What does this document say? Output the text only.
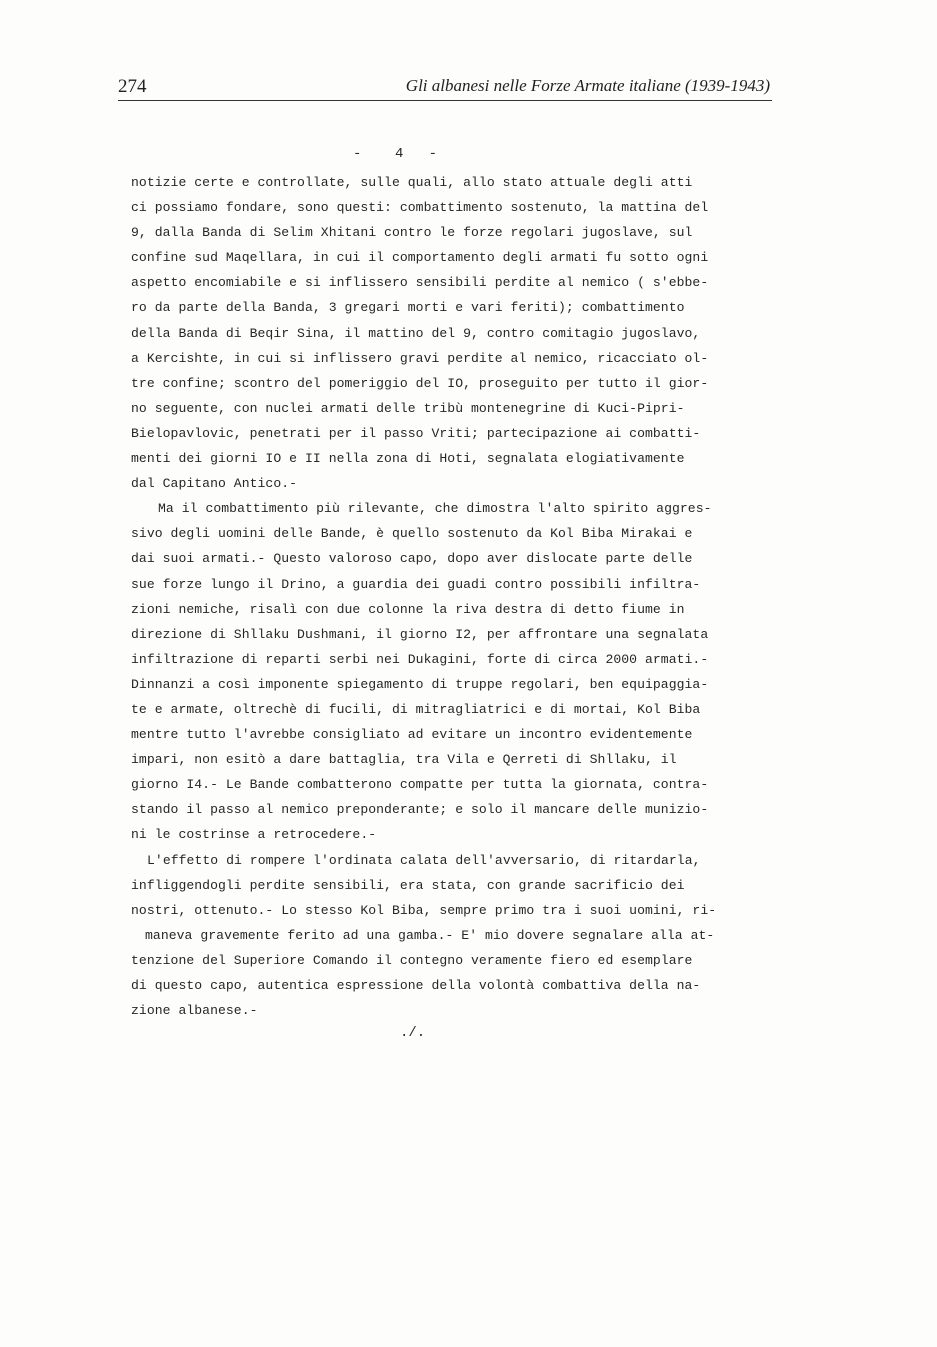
274	Gli albanesi nelle Forze Armate italiane (1939-1943)
-    4   -
notizie certe e controllate, sulle quali, allo stato attuale degli atti
ci possiamo fondare, sono questi: combattimento sostenuto, la mattina del
9, dalla Banda di Selim Xhitani contro le forze regolari jugoslave, sul
confine sud Maqellara, in cui il comportamento degli armati fu sotto ogni
aspetto encomiabile e si inflissero sensibili perdite al nemico ( s'ebbe-
ro da parte della Banda, 3 gregari morti e vari feriti); combattimento
della Banda di Beqir Sina, il mattino del 9, contro comitagio jugoslavo,
a Kercishte, in cui si inflissero gravi perdite al nemico, ricacciato ol-
tre confine; scontro del pomeriggio del IO, proseguito per tutto il gior-
no seguente, con nuclei armati delle tribù montenegrine di Kuci-Pipri-
Bielopavlovic, penetrati per il passo Vriti; partecipazione ai combatti-
menti dei giorni IO e II nella zona di Hoti, segnalata elogiativamente
dal Capitano Antico.-
Ma il combattimento più rilevante, che dimostra l'alto spirito aggres-
sivo degli uomini delle Bande, è quello sostenuto da Kol Biba Mirakai e
dai suoi armati.- Questo valoroso capo, dopo aver dislocate parte delle
sue forze lungo il Drino, a guardia dei guadi contro possibili infiltra-
zioni nemiche, risalì con due colonne la riva destra di detto fiume in
direzione di Shllaku Dushmani, il giorno I2, per affrontare una segnalata
infiltrazione di reparti serbi nei Dukagini, forte di circa 2000 armati.-
Dinnanzi a così imponente spiegamento di truppe regolari, ben equipaggia-
te e armate, oltrechè di fucili, di mitragliatrici e di mortai, Kol Biba
mentre tutto l'avrebbe consigliato ad evitare un incontro evidentemente
impari, non esitò a dare battaglia, tra Vila e Qerreti di Shllaku, il
giorno I4.- Le Bande combatterono compatte per tutta la giornata, contra-
stando il passo al nemico preponderante; e solo il mancare delle munizio-
ni le costrinse a retrocedere.-
L'effetto di rompere l'ordinata calata dell'avversario, di ritardarla,
infliggendogli perdite sensibili, era stata, con grande sacrificio dei
nostri, ottenuto.- Lo stesso Kol Biba, sempre primo tra i suoi uomini, ri-
maneva gravemente ferito ad una gamba.- E' mio dovere segnalare alla at-
tenzione del Superiore Comando il contegno veramente fiero ed esemplare
di questo capo, autentica espressione della volontà combattiva della na-
zione albanese.-
./.
